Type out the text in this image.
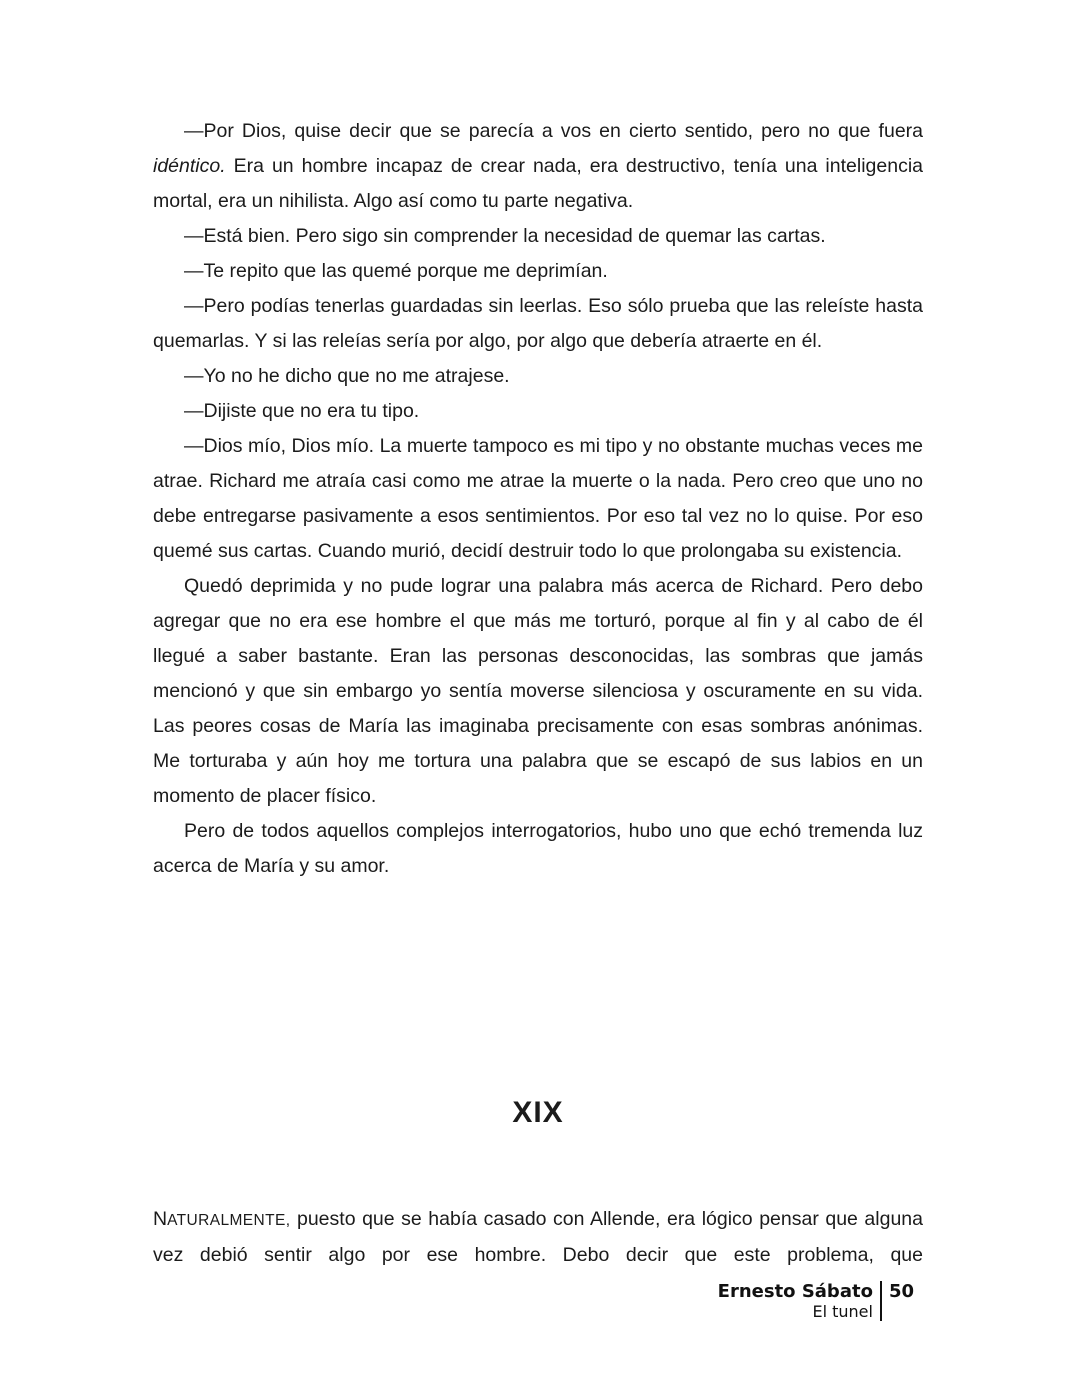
—Por Dios, quise decir que se parecía a vos en cierto sentido, pero no que fuera idéntico. Era un hombre incapaz de crear nada, era destructivo, tenía una inteligencia mortal, era un nihilista. Algo así como tu parte negativa.

—Está bien. Pero sigo sin comprender la necesidad de quemar las cartas.

—Te repito que las quemé porque me deprimían.

—Pero podías tenerlas guardadas sin leerlas. Eso sólo prueba que las releíste hasta quemarlas. Y si las releías sería por algo, por algo que debería atraerte en él.

—Yo no he dicho que no me atrajese.

—Dijiste que no era tu tipo.

—Dios mío, Dios mío. La muerte tampoco es mi tipo y no obstante muchas veces me atrae. Richard me atraía casi como me atrae la muerte o la nada. Pero creo que uno no debe entregarse pasivamente a esos sentimientos. Por eso tal vez no lo quise. Por eso quemé sus cartas. Cuando murió, decidí destruir todo lo que prolongaba su existencia.

Quedó deprimida y no pude lograr una palabra más acerca de Richard. Pero debo agregar que no era ese hombre el que más me torturó, porque al fin y al cabo de él llegué a saber bastante. Eran las personas desconocidas, las sombras que jamás mencionó y que sin embargo yo sentía moverse silenciosa y oscuramente en su vida. Las peores cosas de María las imaginaba precisamente con esas sombras anónimas. Me torturaba y aún hoy me tortura una palabra que se escapó de sus labios en un momento de placer físico.

Pero de todos aquellos complejos interrogatorios, hubo uno que echó tremenda luz acerca de María y su amor.

XIX

NATURALMENTE, puesto que se había casado con Allende, era lógico pensar que alguna vez debió sentir algo por ese hombre. Debo decir que este problema, que

Ernesto Sábato
El tunel
50
